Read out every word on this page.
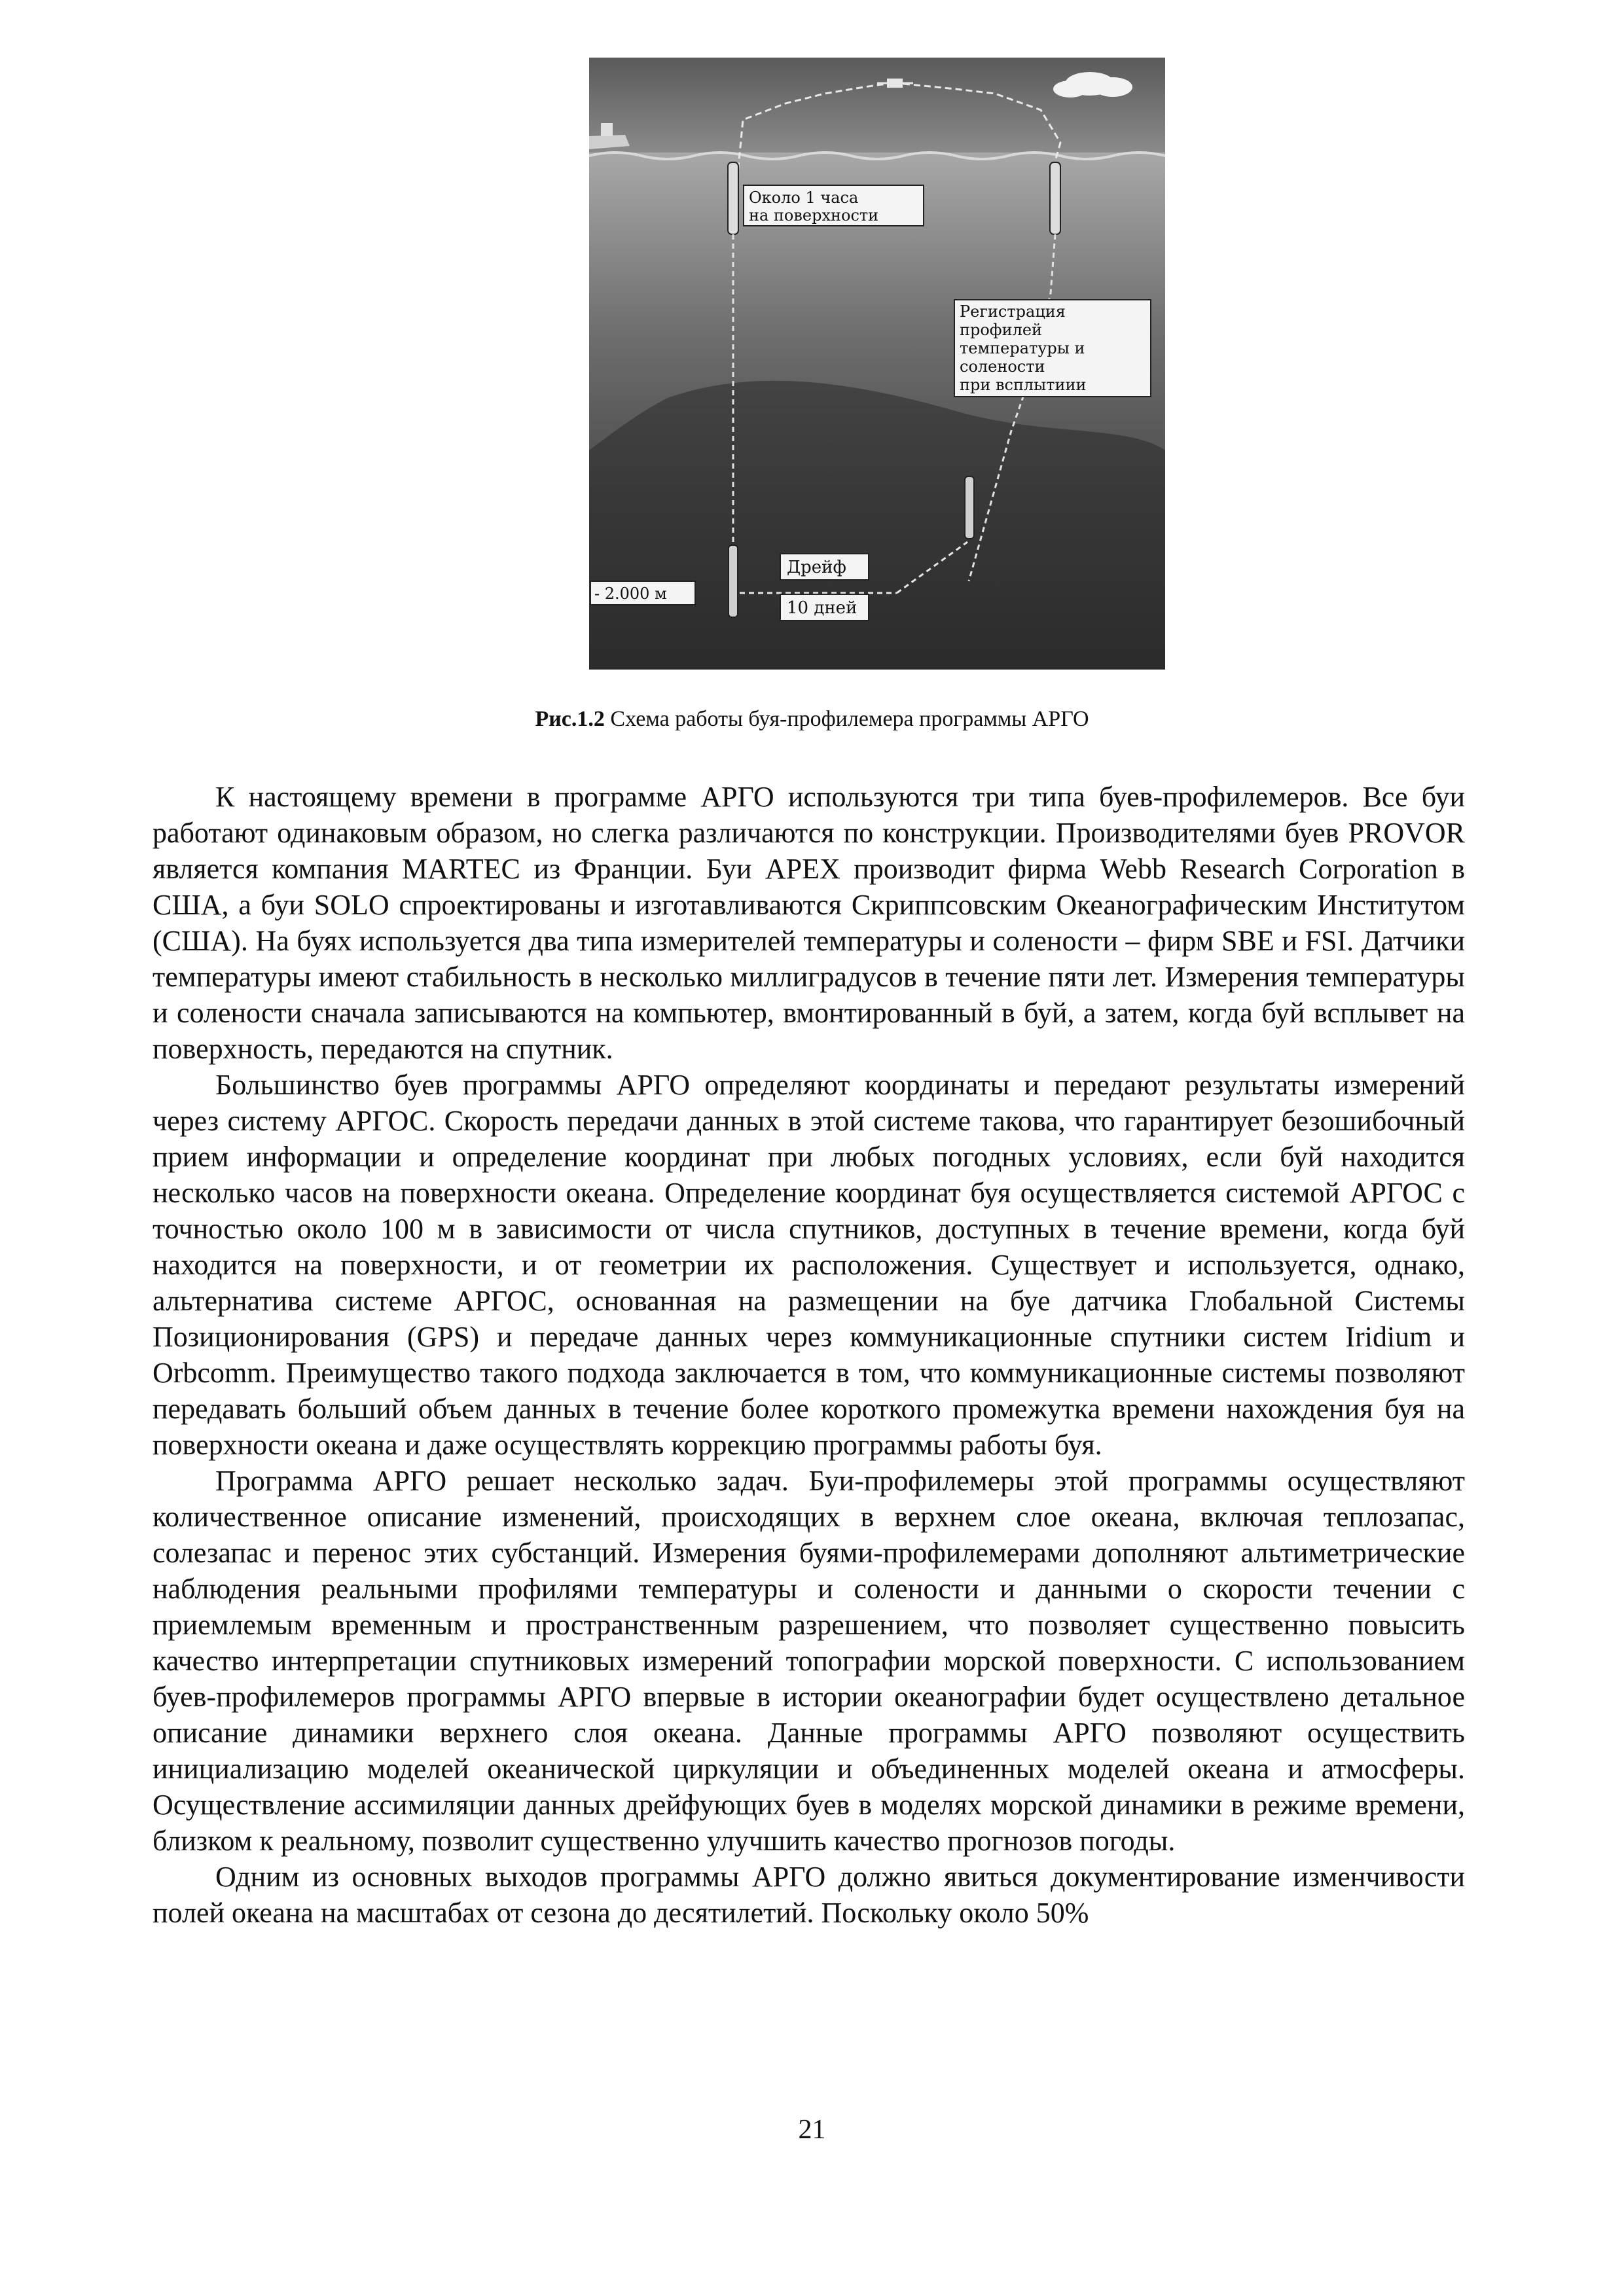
Около 1 часа
на поверхности
Регистрация
профилей
температуры и
солености
при всплытиии
Дрейф
10 дней
- 2.000 м
Рис.1.2 Схема работы буя-профилемера программы АРГО

К настоящему времени в программе АРГО используются три типа буев-профилемеров. Все буи работают одинаковым образом, но слегка различаются по конструкции. Производителями буев PROVOR является компания MARTEC из Франции. Буи APEX производит фирма Webb Research Corporation в США, а буи SOLO спроектированы и изготавливаются Скриппсовским Океанографическим Институтом (США). На буях используется два типа измерителей температуры и солености – фирм SBE и FSI. Датчики температуры имеют стабильность в несколько миллиградусов в течение пяти лет. Измерения температуры и солености сначала записываются на компьютер, вмонтированный в буй, а затем, когда буй всплывет на поверхность, передаются на спутник.

Большинство буев программы АРГО определяют координаты и передают результаты измерений через систему АРГОС. Скорость передачи данных в этой системе такова, что гарантирует безошибочный прием информации и определение координат при любых погодных условиях, если буй находится несколько часов на поверхности океана. Определение координат буя осуществляется системой АРГОС с точностью около 100 м в зависимости от числа спутников, доступных в течение времени, когда буй находится на поверхности, и от геометрии их расположения. Существует и используется, однако, альтернатива системе АРГОС, основанная на размещении на буе датчика Глобальной Системы Позиционирования (GPS) и передаче данных через коммуникационные спутники систем Iridium и Orbcomm. Преимущество такого подхода заключается в том, что коммуникационные системы позволяют передавать больший объем данных в течение более короткого промежутка времени нахождения буя на поверхности океана и даже осуществлять коррекцию программы работы буя.

Программа АРГО решает несколько задач. Буи-профилемеры этой программы осуществляют количественное описание изменений, происходящих в верхнем слое океана, включая теплозапас, солезапас и перенос этих субстанций. Измерения буями-профилемерами дополняют альтиметрические наблюдения реальными профилями температуры и солености и данными о скорости течении с приемлемым временным и пространственным разрешением, что позволяет существенно повысить качество интерпретации спутниковых измерений топографии морской поверхности. С использованием буев-профилемеров программы АРГО впервые в истории океанографии будет осуществлено детальное описание динамики верхнего слоя океана. Данные программы АРГО позволяют осуществить инициализацию моделей океанической циркуляции и объединенных моделей океана и атмосферы. Осуществление ассимиляции данных дрейфующих буев в моделях морской динамики в режиме времени, близком к реальному, позволит существенно улучшить качество прогнозов погоды.

Одним из основных выходов программы АРГО должно явиться документирование изменчивости полей океана на масштабах от сезона до десятилетий. Поскольку около 50%

21
